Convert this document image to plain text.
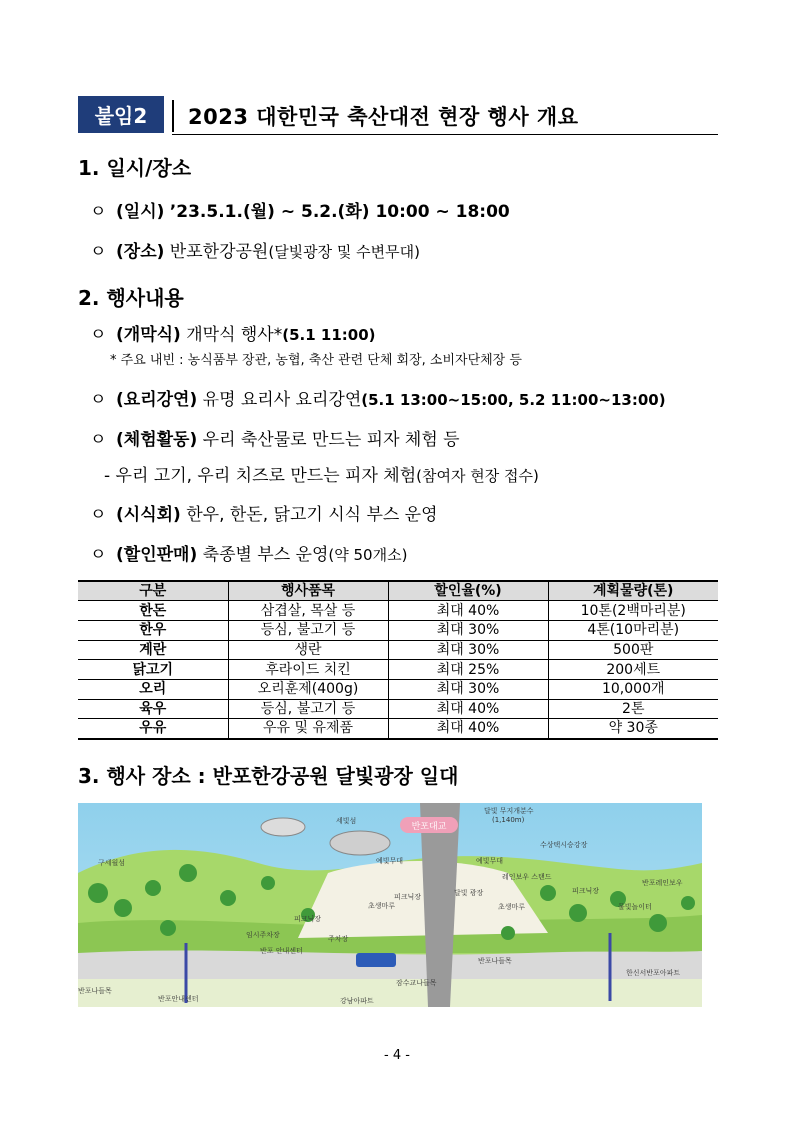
붙임2	2023 대한민국 축산대전 현장 행사 개요
1. 일시/장소
ㅇ (일시) ’23.5.1.(월) ~ 5.2.(화) 10:00 ~ 18:00
ㅇ (장소) 반포한강공원(달빛광장 및 수변무대)
2. 행사내용
ㅇ (개막식) 개막식 행사*(5.1 11:00)
* 주요 내빈 : 농식품부 장관, 농협, 축산 관련 단체 회장, 소비자단체장 등
ㅇ (요리강연) 유명 요리사 요리강연(5.1 13:00~15:00, 5.2 11:00~13:00)
ㅇ (체험활동) 우리 축산물로 만드는 피자 체험 등
- 우리 고기, 우리 치즈로 만드는 피자 체험(참여자 현장 접수)
ㅇ (시식회) 한우, 한돈, 닭고기 시식 부스 운영
ㅇ (할인판매) 축종별 부스 운영(약 50개소)
구분	행사품목	할인율(%)	계획물량(톤)
한돈	삼겹살, 목살 등	최대 40%	10톤(2백마리분)
한우	등심, 불고기 등	최대 30%	4톤(10마리분)
계란	생란	최대 30%	500판
닭고기	후라이드 치킨	최대 25%	200세트
오리	오리훈제(400g)	최대 30%	10,000개
육우	등심, 불고기 등	최대 40%	2톤
우유	우유 및 유제품	최대 40%	약 30종
3. 행사 장소 : 반포한강공원 달빛광장 일대
반포대교
달빛 무지개분수
(1,140m)
세빛섬
수상택시승강장
구세월섬	예빛무대	예빛무대
레인보우 스탠드
달빛 광장
피크닉장
피크닉장
피크닉장
초생마루	초생마루
반포레인보우
임시주차장	주차장
반포 안내센터
반포나들목
잠수교나들목
반포나들목
한신서반포아파트
반포안내센터	강남아파트
물빛놀이터
- 4 -
